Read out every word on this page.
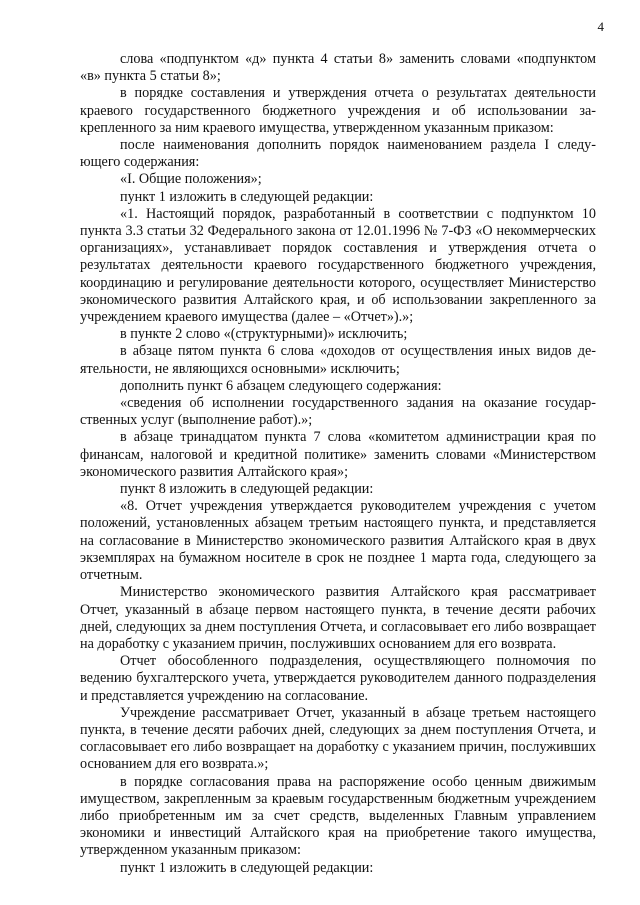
4

слова «подпунктом «д» пункта 4 статьи 8» заменить словами «подпунктом «в» пункта 5 статьи 8»;

в порядке составления и утверждения отчета о результатах деятельности краевого государственного бюджетного учреждения и об использовании закрепленного за ним краевого имущества, утвержденном указанным приказом:

после наименования дополнить порядок наименованием раздела I следующего содержания:

«I. Общие положения»;

пункт 1 изложить в следующей редакции:

«1. Настоящий порядок, разработанный в соответствии с подпунктом 10 пункта 3.3 статьи 32 Федерального закона от 12.01.1996 № 7-ФЗ «О некоммерческих организациях», устанавливает порядок составления и утверждения отчета о результатах деятельности краевого государственного бюджетного учреждения, координацию и регулирование деятельности которого, осуществляет Министерство экономического развития Алтайского края, и об использовании закрепленного за учреждением краевого имущества (далее – «Отчет»).»;

в пункте 2 слово «(структурными)» исключить;

в абзаце пятом пункта 6 слова «доходов от осуществления иных видов деятельности, не являющихся основными» исключить;

дополнить пункт 6 абзацем следующего содержания:

«сведения об исполнении государственного задания на оказание государственных услуг (выполнение работ).»;

в абзаце тринадцатом пункта 7 слова «комитетом администрации края по финансам, налоговой и кредитной политике» заменить словами «Министерством экономического развития Алтайского края»;

пункт 8 изложить в следующей редакции:

«8. Отчет учреждения утверждается руководителем учреждения с учетом положений, установленных абзацем третьим настоящего пункта, и представляется на согласование в Министерство экономического развития Алтайского края в двух экземплярах на бумажном носителе в срок не позднее 1 марта года, следующего за отчетным.

Министерство экономического развития Алтайского края рассматривает Отчет, указанный в абзаце первом настоящего пункта, в течение десяти рабочих дней, следующих за днем поступления Отчета, и согласовывает его либо возвращает на доработку с указанием причин, послуживших основанием для его возврата.

Отчет обособленного подразделения, осуществляющего полномочия по ведению бухгалтерского учета, утверждается руководителем данного подразделения и представляется учреждению на согласование.

Учреждение рассматривает Отчет, указанный в абзаце третьем настоящего пункта, в течение десяти рабочих дней, следующих за днем поступления Отчета, и согласовывает его либо возвращает на доработку с указанием причин, послуживших основанием для его возврата.»;

в порядке согласования права на распоряжение особо ценным движимым имуществом, закрепленным за краевым государственным бюджетным учреждением либо приобретенным им за счет средств, выделенных Главным управлением экономики и инвестиций Алтайского края на приобретение такого имущества, утвержденном указанным приказом:

пункт 1 изложить в следующей редакции:
